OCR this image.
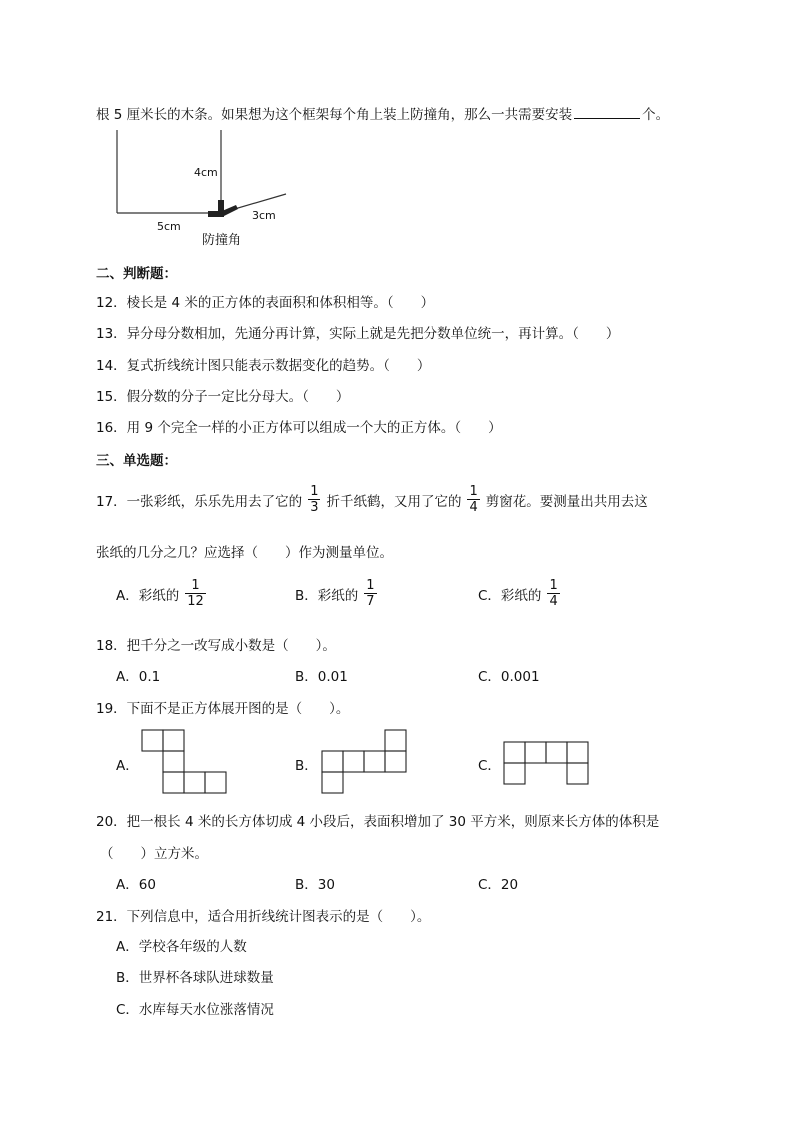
根 5 厘米长的木条。如果想为这个框架每个角上装上防撞角，那么一共需要安装	个。
4cm
5cm
3cm
防撞角
二、判断题：
12．棱长是 4 米的正方体的表面积和体积相等。（　　）
13．异分母分数相加，先通分再计算，实际上就是先把分数单位统一，再计算。（　　）
14．复式折线统计图只能表示数据变化的趋势。（　　）
15．假分数的分子一定比分母大。（　　）
16．用 9 个完全一样的小正方体可以组成一个大的正方体。（　　）
三、单选题：
17．一张彩纸，乐乐先用去了它的 $\frac{1}{3}$ 折千纸鹤，又用了它的 $\frac{1}{4}$ 剪窗花。要测量出共用去这
张纸的几分之几？应选择（　　）作为测量单位。
A．彩纸的 $\frac{1}{12}$	B．彩纸的 $\frac{1}{7}$	C．彩纸的 $\frac{1}{4}$
18．把千分之一改写成小数是（　　）。
A．0.1	B．0.01	C．0.001
19．下面不是正方体展开图的是（　　）。
A．	B．	C．
20．把一根长 4 米的长方体切成 4 小段后，表面积增加了 30 平方米，则原来长方体的体积是
（　　）立方米。
A．60	B．30	C．20
21．下列信息中，适合用折线统计图表示的是（　　）。
A．学校各年级的人数
B．世界杯各球队进球数量
C．水库每天水位涨落情况
